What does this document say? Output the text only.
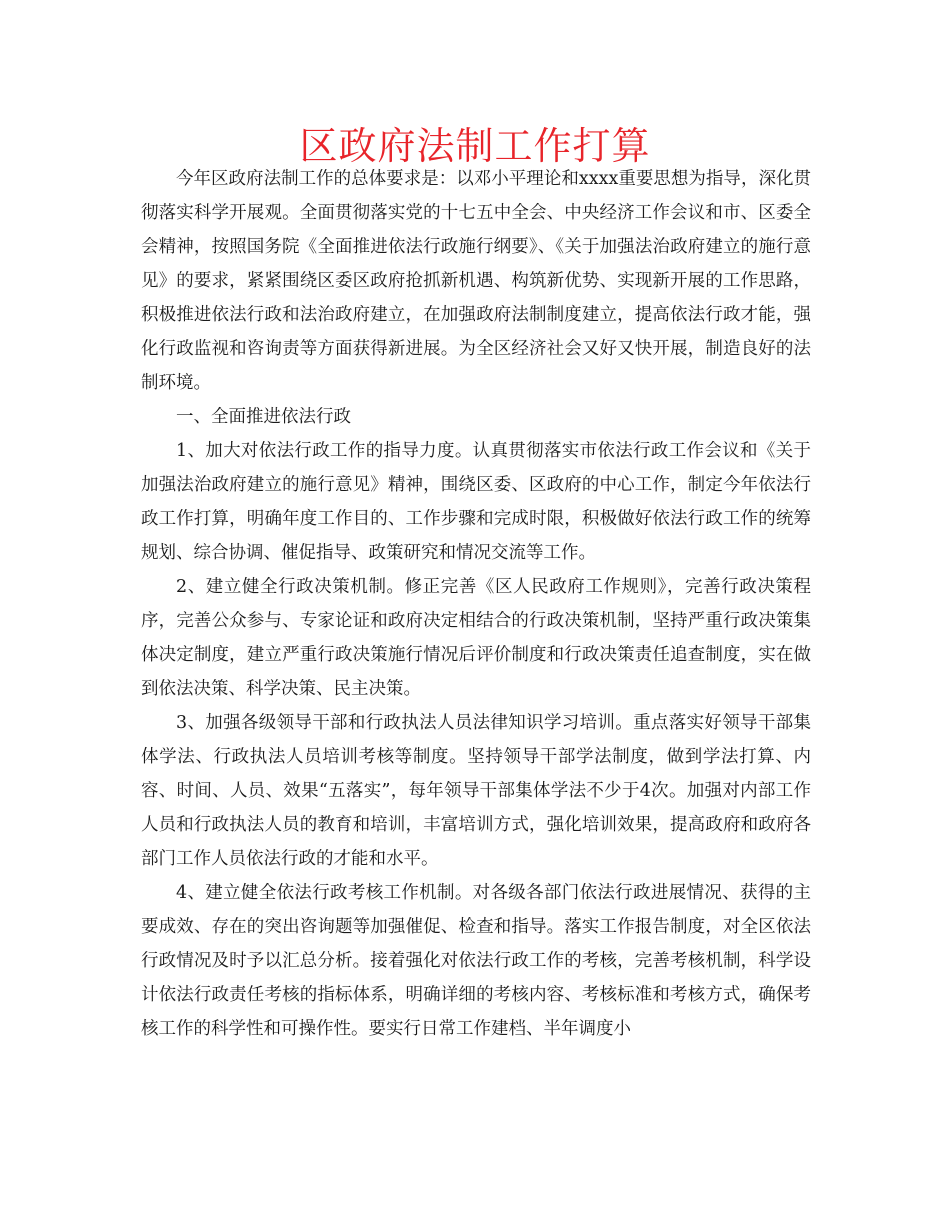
区政府法制工作打算

今年区政府法制工作的总体要求是：以邓小平理论和xxxx重要思想为指导，深化贯彻落实科学开展观。全面贯彻落实党的十七五中全会、中央经济工作会议和市、区委全会精神，按照国务院《全面推进依法行政施行纲要》、《关于加强法治政府建立的施行意见》的要求，紧紧围绕区委区政府抢抓新机遇、构筑新优势、实现新开展的工作思路，积极推进依法行政和法治政府建立，在加强政府法制制度建立，提高依法行政才能，强化行政监视和咨询责等方面获得新进展。为全区经济社会又好又快开展，制造良好的法制环境。

一、全面推进依法行政

1、加大对依法行政工作的指导力度。认真贯彻落实市依法行政工作会议和《关于加强法治政府建立的施行意见》精神，围绕区委、区政府的中心工作，制定今年依法行政工作打算，明确年度工作目的、工作步骤和完成时限，积极做好依法行政工作的统筹规划、综合协调、催促指导、政策研究和情况交流等工作。

2、建立健全行政决策机制。修正完善《区人民政府工作规则》，完善行政决策程序，完善公众参与、专家论证和政府决定相结合的行政决策机制，坚持严重行政决策集体决定制度，建立严重行政决策施行情况后评价制度和行政决策责任追查制度，实在做到依法决策、科学决策、民主决策。

3、加强各级领导干部和行政执法人员法律知识学习培训。重点落实好领导干部集体学法、行政执法人员培训考核等制度。坚持领导干部学法制度，做到学法打算、内容、时间、人员、效果“五落实”，每年领导干部集体学法不少于4次。加强对内部工作人员和行政执法人员的教育和培训，丰富培训方式，强化培训效果，提高政府和政府各部门工作人员依法行政的才能和水平。

4、建立健全依法行政考核工作机制。对各级各部门依法行政进展情况、获得的主要成效、存在的突出咨询题等加强催促、检查和指导。落实工作报告制度，对全区依法行政情况及时予以汇总分析。接着强化对依法行政工作的考核，完善考核机制，科学设计依法行政责任考核的指标体系，明确详细的考核内容、考核标准和考核方式，确保考核工作的科学性和可操作性。要实行日常工作建档、半年调度小
